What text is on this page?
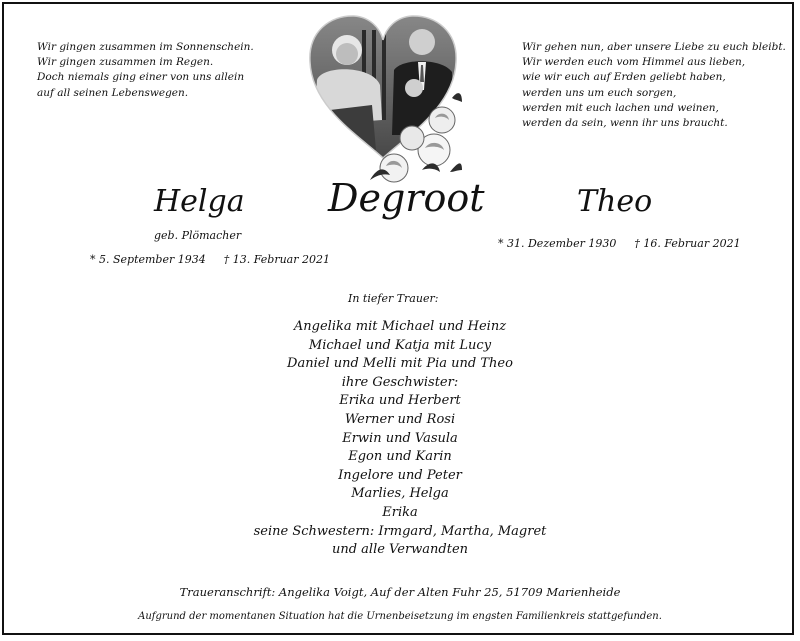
Wir gingen zusammen im Sonnenschein.
Wir gingen zusammen im Regen.
Doch niemals ging einer von uns allein
auf all seinen Lebenswegen.
Wir gehen nun, aber unsere Liebe zu euch bleibt.
Wir werden euch vom Himmel aus lieben,
wie wir euch auf Erden geliebt haben,
werden uns um euch sorgen,
werden mit euch lachen und weinen,
werden da sein, wenn ihr uns braucht.
Helga Degroot	Theo
geb. Plömacher
* 5. September 1934 † 13. Februar 2021
* 31. Dezember 1930 † 16. Februar 2021
In tiefer Trauer:
Angelika mit Michael und Heinz
Michael und Katja mit Lucy
Daniel und Melli mit Pia und Theo
ihre Geschwister:
Erika und Herbert
Werner und Rosi
Erwin und Vasula
Egon und Karin
Ingelore und Peter
Marlies, Helga
Erika
seine Schwestern: Irmgard, Martha, Magret
und alle Verwandten
Traueranschrift: Angelika Voigt, Auf der Alten Fuhr 25, 51709 Marienheide
Aufgrund der momentanen Situation hat die Urnenbeisetzung im engsten Familienkreis stattgefunden.
